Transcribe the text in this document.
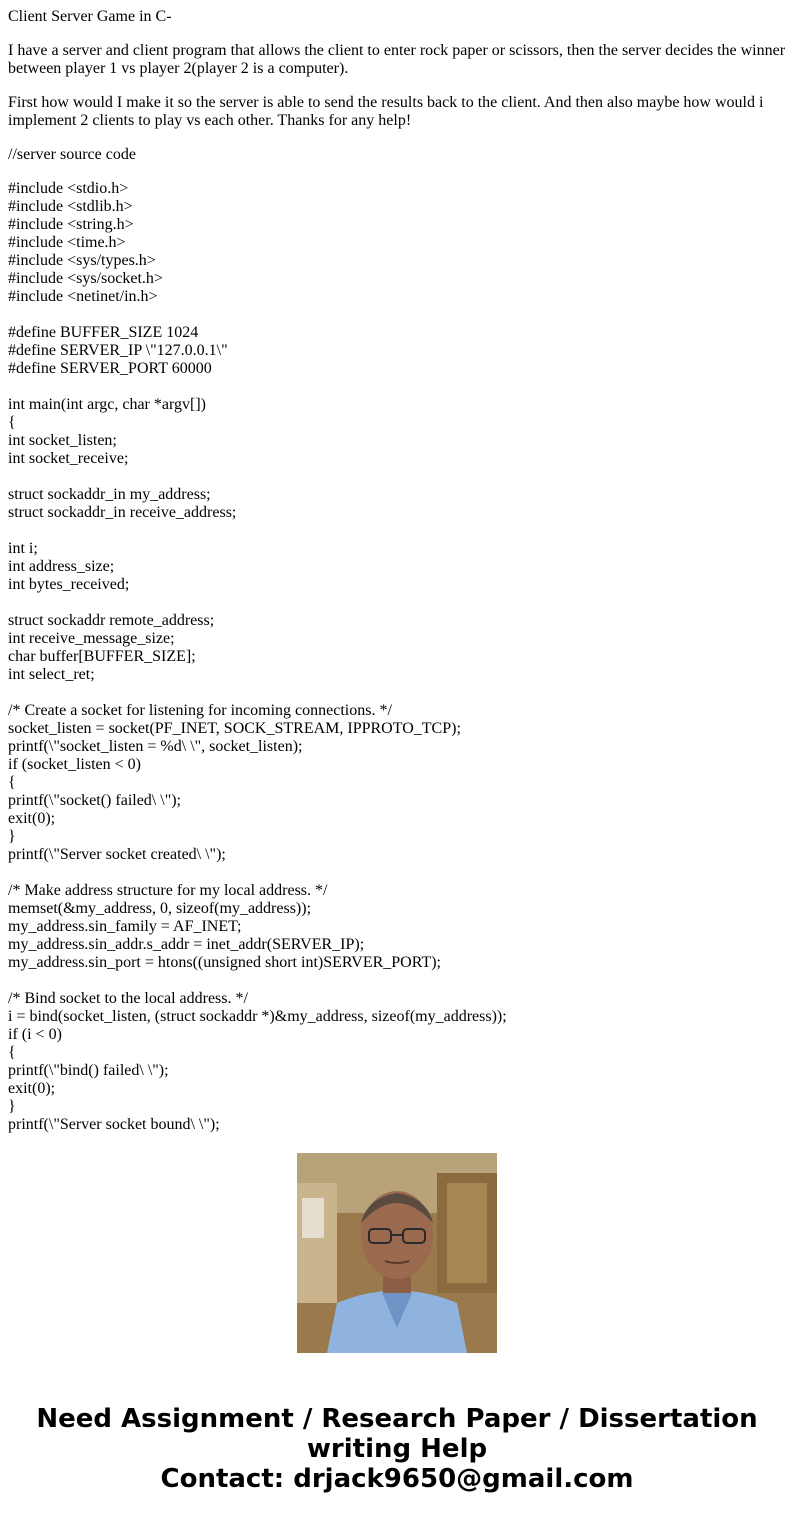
Client Server Game in C-

I have a server and client program that allows the client to enter rock paper or scissors, then the server decides the winner between player 1 vs player 2(player 2 is a computer).

First how would I make it so the server is able to send the results back to the client. And then also maybe how would i implement 2 clients to play vs each other. Thanks for any help!

//server source code

#include <stdio.h>
#include <stdlib.h>
#include <string.h>
#include <time.h>
#include <sys/types.h>
#include <sys/socket.h>
#include <netinet/in.h>
#define BUFFER_SIZE 1024
#define SERVER_IP \"127.0.0.1\"
#define SERVER_PORT 60000
int main(int argc, char *argv[])
{
int socket_listen;
int socket_receive;
struct sockaddr_in my_address;
struct sockaddr_in receive_address;
int i;
int address_size;
int bytes_received;
struct sockaddr remote_address;
int receive_message_size;
char buffer[BUFFER_SIZE];
int select_ret;
/* Create a socket for listening for incoming connections. */
socket_listen = socket(PF_INET, SOCK_STREAM, IPPROTO_TCP);
printf(\"socket_listen = %d\ \", socket_listen);
if (socket_listen < 0)
{
printf(\"socket() failed\ \");
exit(0);
}
printf(\"Server socket created\ \");
/* Make address structure for my local address. */
memset(&my_address, 0, sizeof(my_address));
my_address.sin_family = AF_INET;
my_address.sin_addr.s_addr = inet_addr(SERVER_IP);
my_address.sin_port = htons((unsigned short int)SERVER_PORT);
/* Bind socket to the local address. */
i = bind(socket_listen, (struct sockaddr *)&my_address, sizeof(my_address));
if (i < 0)
{
printf(\"bind() failed\ \");
exit(0);
}
printf(\"Server socket bound\ \");
Need Assignment / Research Paper / Dissertation
writing Help
Contact: drjack9650@gmail.com
